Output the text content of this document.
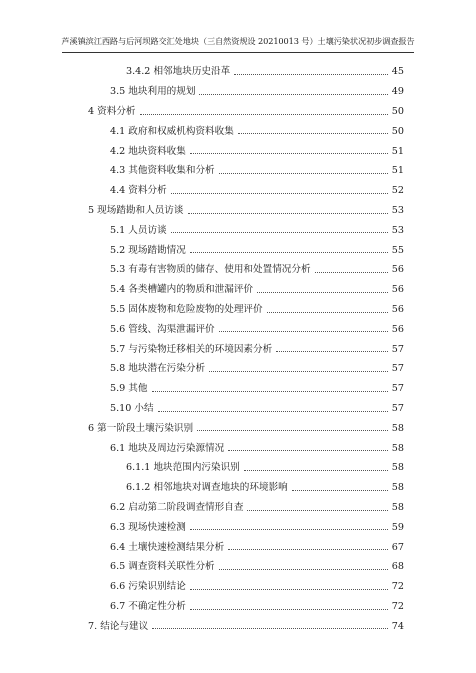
芦溪镇滨江西路与后河坝路交汇处地块（三自然资规设 20210013 号）土壤污染状况初步调查报告
3.4.2 相邻地块历史沿革	45
3.5 地块利用的规划	49
4 资料分析	50
4.1 政府和权威机构资料收集	50
4.2 地块资料收集	51
4.3 其他资料收集和分析	51
4.4 资料分析	52
5 现场踏勘和人员访谈	53
5.1 人员访谈	53
5.2 现场踏勘情况	55
5.3 有毒有害物质的储存、使用和处置情况分析	56
5.4 各类槽罐内的物质和泄漏评价	56
5.5 固体废物和危险废物的处理评价	56
5.6 管线、沟渠泄漏评价	56
5.7 与污染物迁移相关的环境因素分析	57
5.8 地块潜在污染分析	57
5.9 其他	57
5.10 小结	57
6 第一阶段土壤污染识别	58
6.1 地块及周边污染源情况	58
6.1.1 地块范围内污染识别	58
6.1.2 相邻地块对调查地块的环境影响	58
6.2 启动第二阶段调查情形自查	58
6.3 现场快速检测	59
6.4 土壤快速检测结果分析	67
6.5 调查资料关联性分析	68
6.6 污染识别结论	72
6.7 不确定性分析	72
7. 结论与建议	74
